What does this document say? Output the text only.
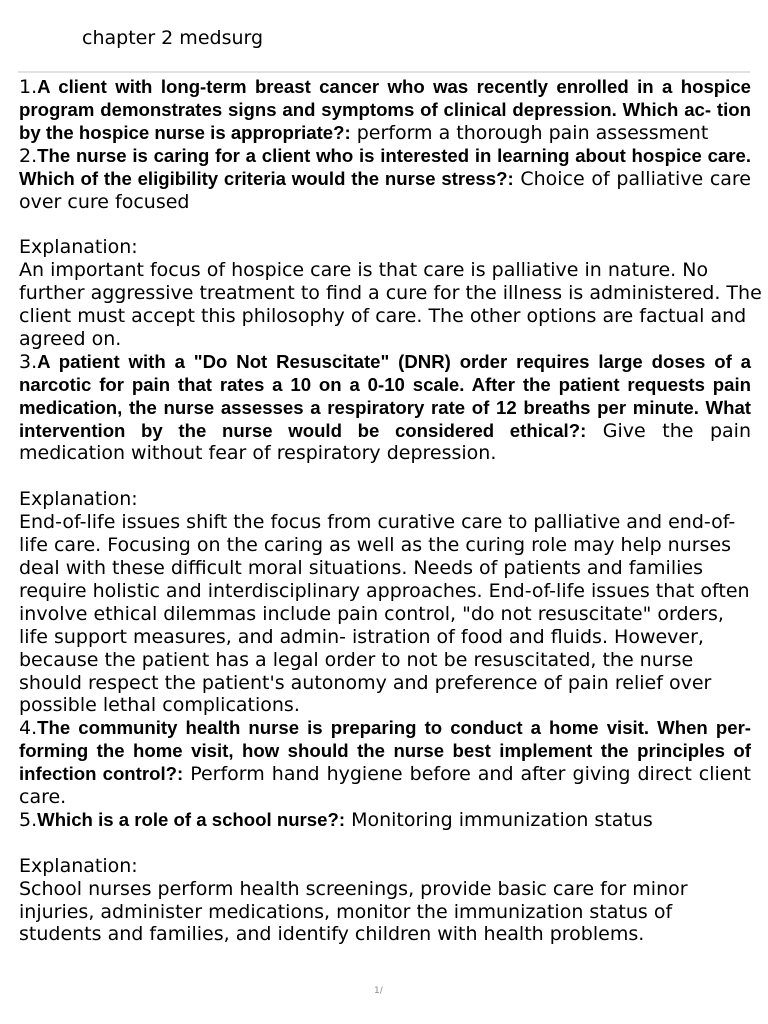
chapter 2 medsurg

1.A client with long-term breast cancer who was recently enrolled in a hospice program demonstrates signs and symptoms of clinical depression. Which ac- tion by the hospice nurse is appropriate?: perform a thorough pain assessment

2.The nurse is caring for a client who is interested in learning about hospice care. Which of the eligibility criteria would the nurse stress?: Choice of palliative care over cure focused

Explanation:

An important focus of hospice care is that care is palliative in nature. No further aggressive treatment to find a cure for the illness is administered. The client must accept this philosophy of care. The other options are factual and agreed on.

3.A patient with a "Do Not Resuscitate" (DNR) order requires large doses of a narcotic for pain that rates a 10 on a 0-10 scale. After the patient requests pain medication, the nurse assesses a respiratory rate of 12 breaths per minute. What intervention by the nurse would be considered ethical?: Give the pain medication without fear of respiratory depression.

Explanation:

End-of-life issues shift the focus from curative care to palliative and end-of-life care. Focusing on the caring as well as the curing role may help nurses deal with these difficult moral situations. Needs of patients and families require holistic and interdisciplinary approaches. End-of-life issues that often involve ethical dilemmas include pain control, "do not resuscitate" orders, life support measures, and admin- istration of food and fluids. However, because the patient has a legal order to not be resuscitated, the nurse should respect the patient's autonomy and preference of pain relief over possible lethal complications.

4.The community health nurse is preparing to conduct a home visit. When per- forming the home visit, how should the nurse best implement the principles of infection control?: Perform hand hygiene before and after giving direct client care.

5.Which is a role of a school nurse?: Monitoring immunization status

Explanation:

School nurses perform health screenings, provide basic care for minor injuries, administer medications, monitor the immunization status of students and families, and identify children with health problems.

1/
